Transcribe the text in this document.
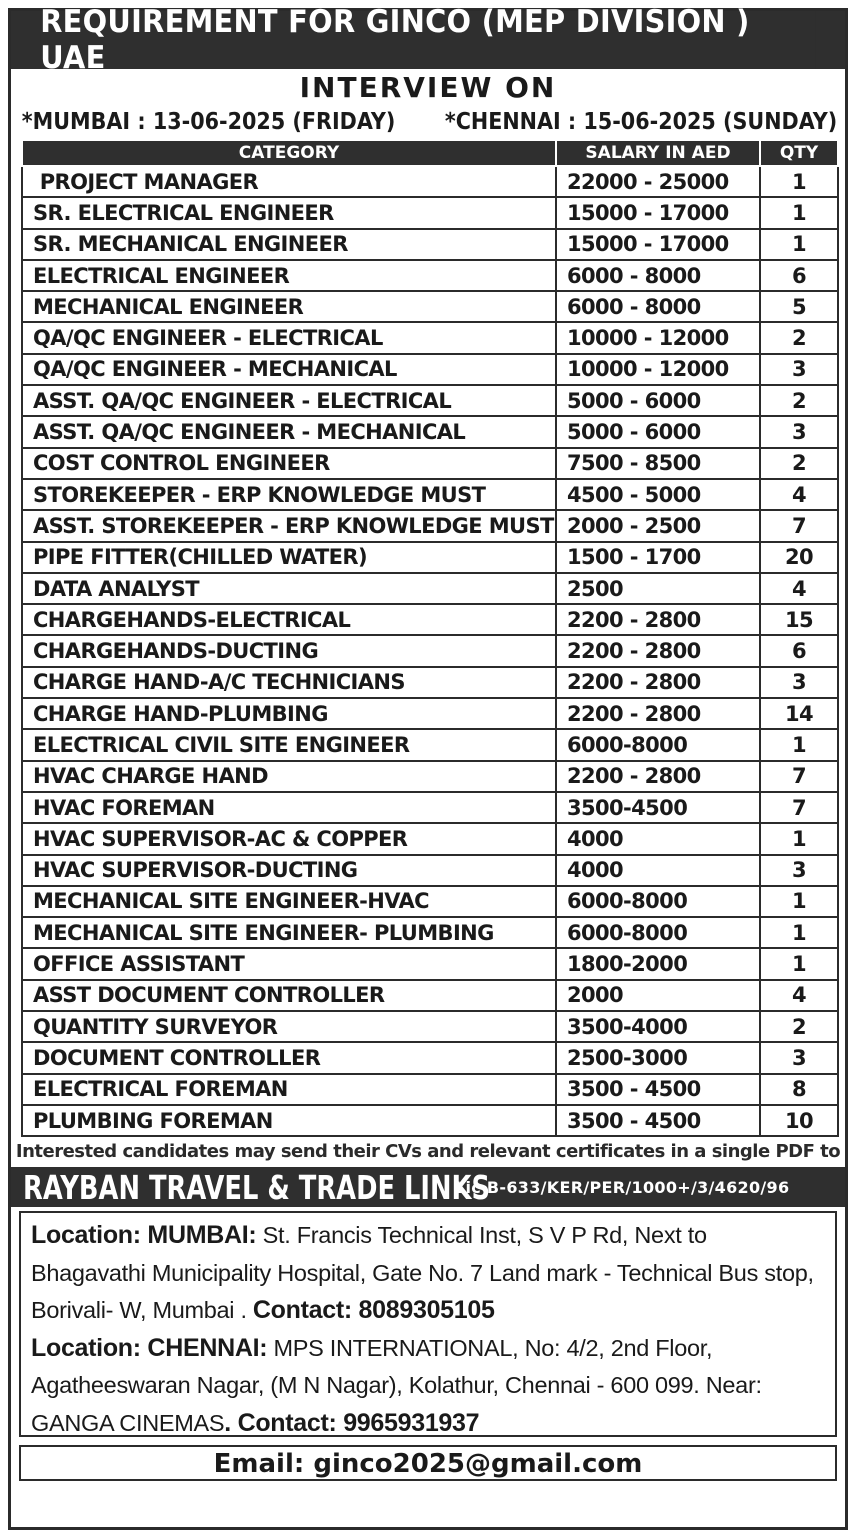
REQUIREMENT FOR GINCO (MEP DIVISION ) UAE
INTERVIEW ON
*MUMBAI : 13-06-2025 (FRIDAY) *CHENNAI : 15-06-2025 (SUNDAY)
CATEGORY	SALARY IN AED	QTY
PROJECT MANAGER	22000 - 25000	1
SR. ELECTRICAL ENGINEER	15000 - 17000	1
SR. MECHANICAL ENGINEER	15000 - 17000	1
ELECTRICAL ENGINEER	6000 - 8000	6
MECHANICAL ENGINEER	6000 - 8000	5
QA/QC ENGINEER - ELECTRICAL	10000 - 12000	2
QA/QC ENGINEER - MECHANICAL	10000 - 12000	3
ASST. QA/QC ENGINEER - ELECTRICAL	5000 - 6000	2
ASST. QA/QC ENGINEER - MECHANICAL	5000 - 6000	3
COST CONTROL ENGINEER	7500 - 8500	2
STOREKEEPER - ERP KNOWLEDGE MUST	4500 - 5000	4
ASST. STOREKEEPER - ERP KNOWLEDGE MUST	2000 - 2500	7
PIPE FITTER(CHILLED WATER)	1500 - 1700	20
DATA ANALYST	2500	4
CHARGEHANDS-ELECTRICAL	2200 - 2800	15
CHARGEHANDS-DUCTING	2200 - 2800	6
CHARGE HAND-A/C TECHNICIANS	2200 - 2800	3
CHARGE HAND-PLUMBING	2200 - 2800	14
ELECTRICAL CIVIL SITE ENGINEER	6000-8000	1
HVAC CHARGE HAND	2200 - 2800	7
HVAC FOREMAN	3500-4500	7
HVAC SUPERVISOR-AC & COPPER	4000	1
HVAC SUPERVISOR-DUCTING	4000	3
MECHANICAL SITE ENGINEER-HVAC	6000-8000	1
MECHANICAL SITE ENGINEER- PLUMBING	6000-8000	1
OFFICE ASSISTANT	1800-2000	1
ASST DOCUMENT CONTROLLER	2000	4
QUANTITY SURVEYOR	3500-4000	2
DOCUMENT CONTROLLER	2500-3000	3
ELECTRICAL FOREMAN	3500 - 4500	8
PLUMBING FOREMAN	3500 - 4500	10
Interested candidates may send their CVs and relevant certificates in a single PDF to
RAYBAN TRAVEL & TRADE LINKS
Lic B-633/KER/PER/1000+/3/4620/96
Location: MUMBAI: St. Francis Technical Inst, S V P Rd, Next to Bhagavathi Municipality Hospital, Gate No. 7 Land mark - Technical Bus stop, Borivali- W, Mumbai . Contact: 8089305105
Location: CHENNAI: MPS INTERNATIONAL, No: 4/2, 2nd Floor, Agatheeswaran Nagar, (M N Nagar), Kolathur, Chennai - 600 099. Near: GANGA CINEMAS. Contact: 9965931937
Email: ginco2025@gmail.com
